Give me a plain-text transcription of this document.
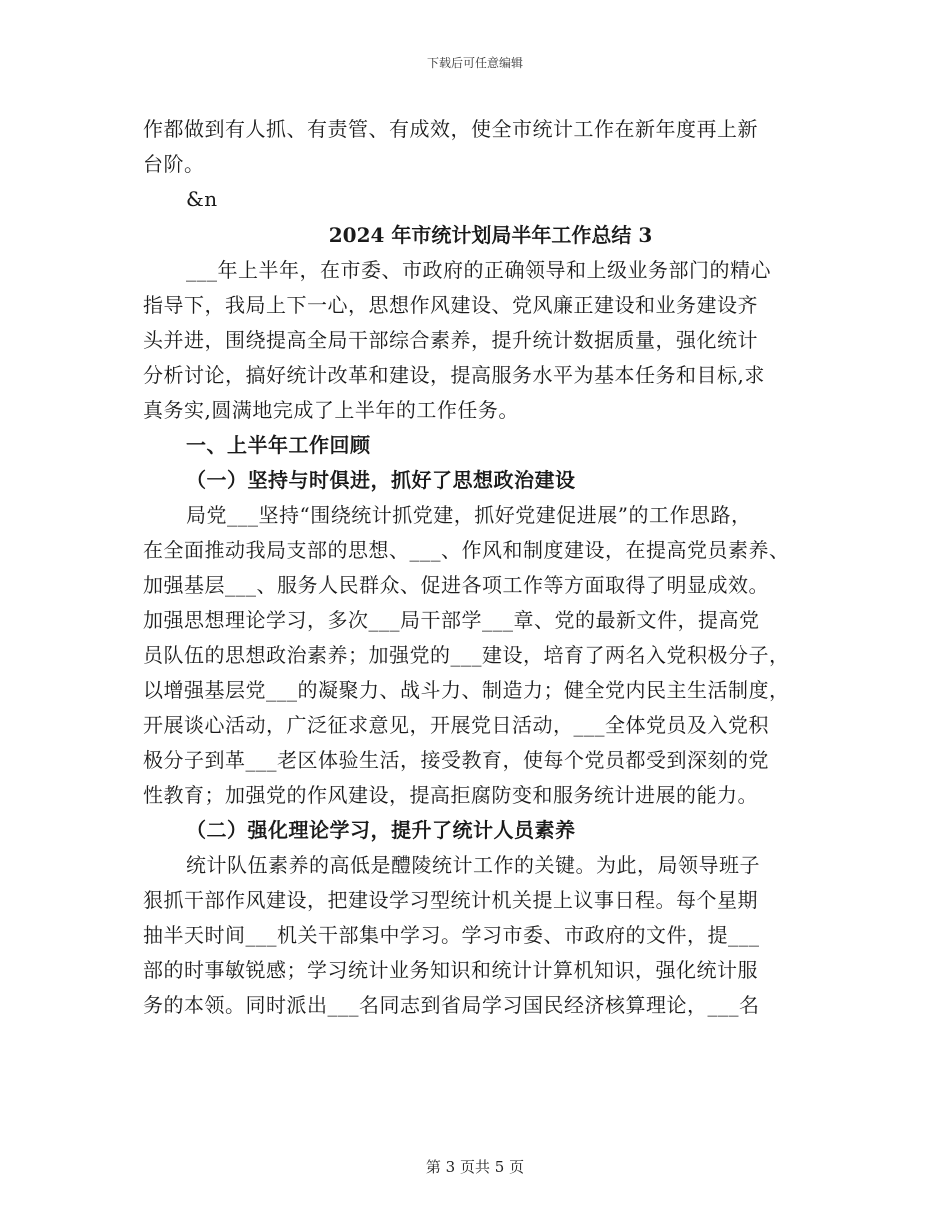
下载后可任意编辑
作都做到有人抓、有责管、有成效，使全市统计工作在新年度再上新
台阶。
&n
2024 年市统计划局半年工作总结 3
___年上半年，在市委、市政府的正确领导和上级业务部门的精心
指导下，我局上下一心，思想作风建设、党风廉正建设和业务建设齐
头并进，围绕提高全局干部综合素养，提升统计数据质量，强化统计
分析讨论，搞好统计改革和建设，提高服务水平为基本任务和目标,求
真务实,圆满地完成了上半年的工作任务。
一、上半年工作回顾
（一）坚持与时俱进，抓好了思想政治建设
局党___坚持“围绕统计抓党建，抓好党建促进展”的工作思路，
在全面推动我局支部的思想、___、作风和制度建设，在提高党员素养、
加强基层___、服务人民群众、促进各项工作等方面取得了明显成效。
加强思想理论学习，多次___局干部学___章、党的最新文件，提高党
员队伍的思想政治素养；加强党的___建设，培育了两名入党积极分子，
以增强基层党___的凝聚力、战斗力、制造力；健全党内民主生活制度，
开展谈心活动，广泛征求意见，开展党日活动，___全体党员及入党积
极分子到革___老区体验生活，接受教育，使每个党员都受到深刻的党
性教育；加强党的作风建设，提高拒腐防变和服务统计进展的能力。
（二）强化理论学习，提升了统计人员素养
统计队伍素养的高低是醴陵统计工作的关键。为此，局领导班子
狠抓干部作风建设，把建设学习型统计机关提上议事日程。每个星期
抽半天时间___机关干部集中学习。学习市委、市政府的文件，提___
部的时事敏锐感；学习统计业务知识和统计计算机知识，强化统计服
务的本领。同时派出___名同志到省局学习国民经济核算理论，___名
第 3 页共 5 页
